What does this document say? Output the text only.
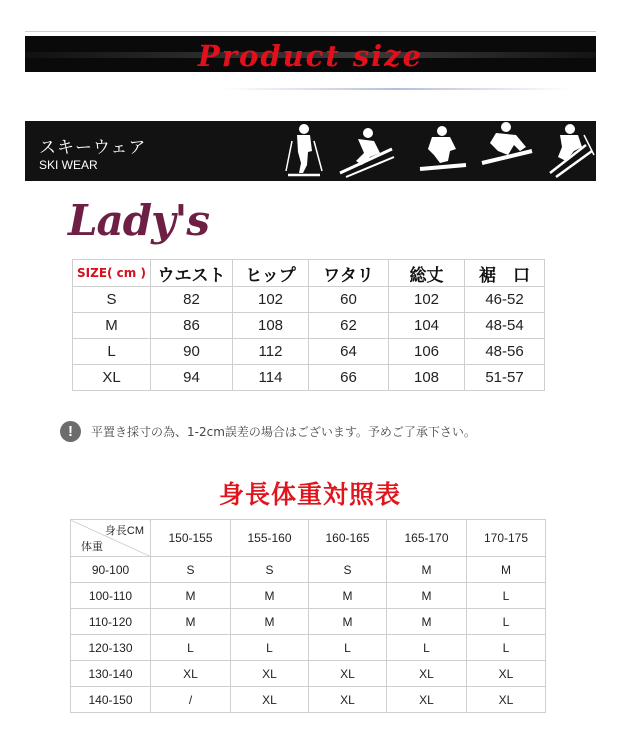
Product size
スキーウェア
SKI WEAR
Lady's
SIZE( cm )	ウエスト	ヒップ	ワタリ	総丈	裾　口
S	82	102	60	102	46-52
M	86	108	62	104	48-54
L	90	112	64	106	48-56
XL	94	114	66	108	51-57
! 平置き採寸の為、1-2cm誤差の場合はございます。予めご了承下さい。
身長体重対照表
身長CM
体重	150-155	155-160	160-165	165-170	170-175
90-100	S	S	S	M	M
100-110	M	M	M	M	L
110-120	M	M	M	M	L
120-130	L	L	L	L	L
130-140	XL	XL	XL	XL	XL
140-150	/	XL	XL	XL	XL
